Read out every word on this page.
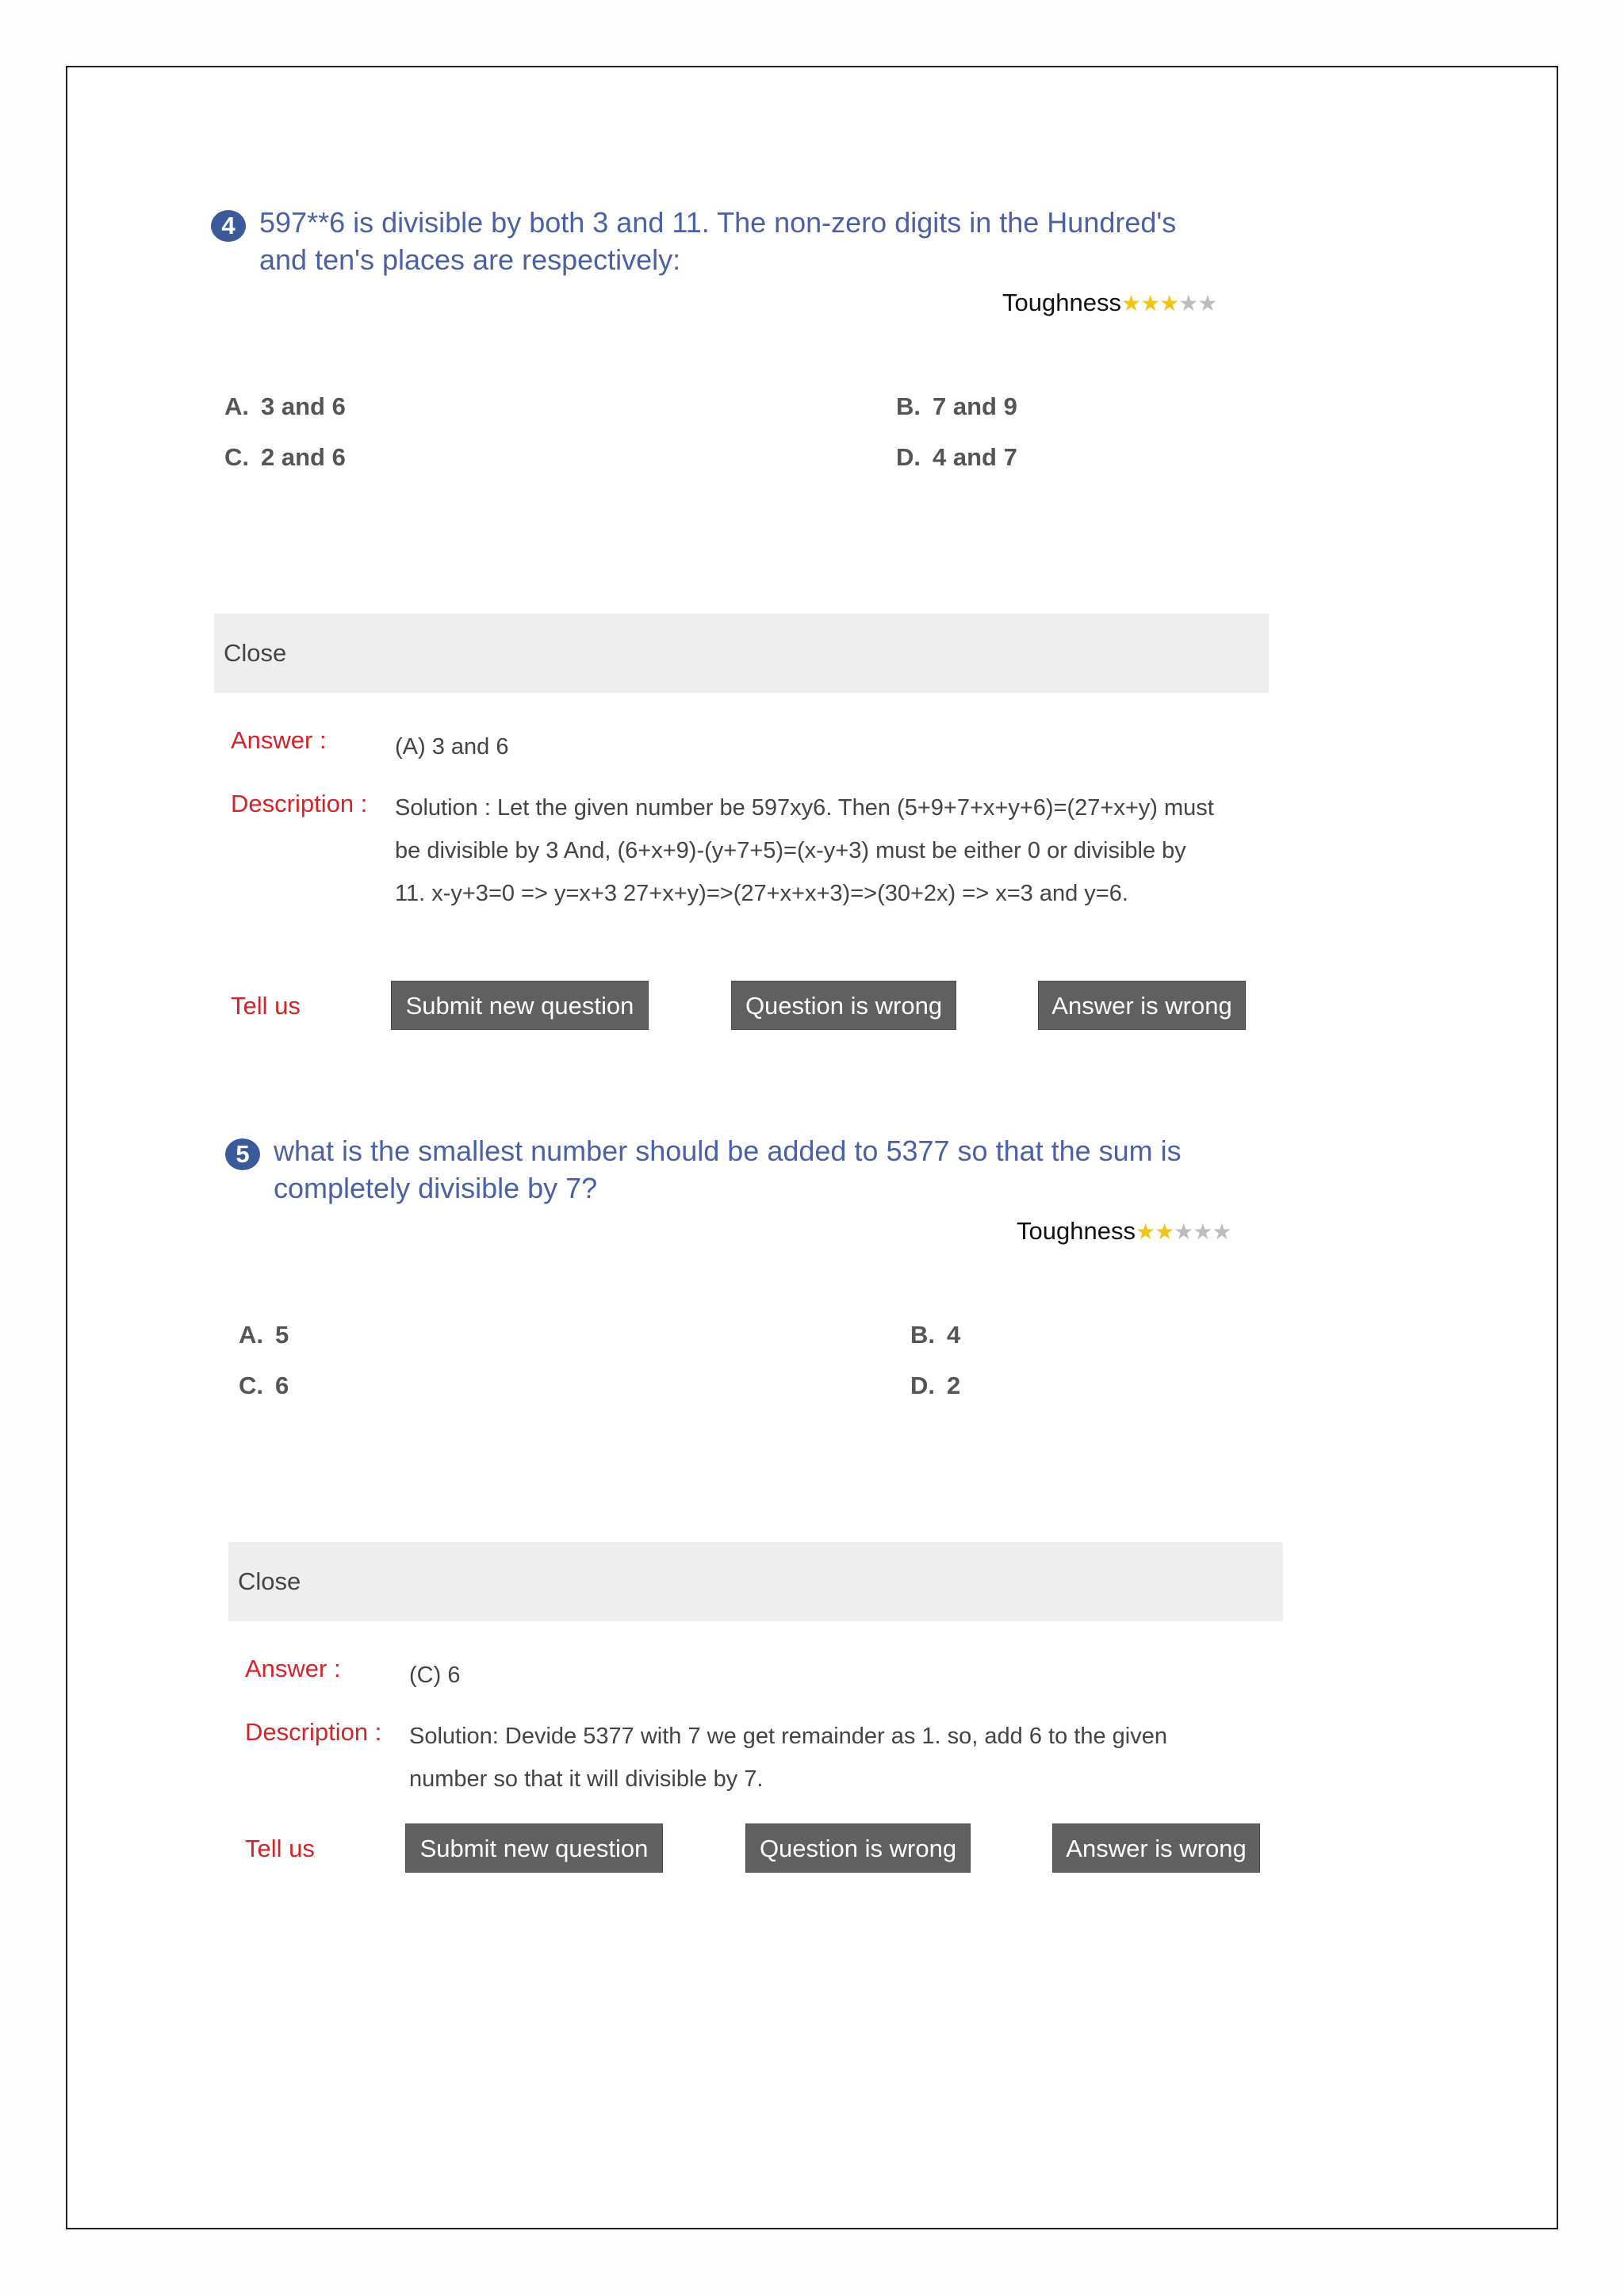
4 597**6 is divisible by both 3 and 11. The non-zero digits in the Hundred's and ten's places are respectively:
Toughness★★★★★
A. 3 and 6	B. 7 and 9
C. 2 and 6	D. 4 and 7
Close
Answer :	(A) 3 and 6
Description : Solution : Let the given number be 597xy6. Then (5+9+7+x+y+6)=(27+x+y) must be divisible by 3 And, (6+x+9)-(y+7+5)=(x-y+3) must be either 0 or divisible by 11. x-y+3=0 => y=x+3 27+x+y)=>(27+x+x+3)=>(30+2x) => x=3 and y=6.
Tell us	Submit new question	Question is wrong	Answer is wrong
5 what is the smallest number should be added to 5377 so that the sum is completely divisible by 7?
Toughness★★★★★
A. 5	B. 4
C. 6	D. 2
Close
Answer :	(C) 6
Description : Solution: Devide 5377 with 7 we get remainder as 1. so, add 6 to the given number so that it will divisible by 7.
Tell us	Submit new question	Question is wrong	Answer is wrong
